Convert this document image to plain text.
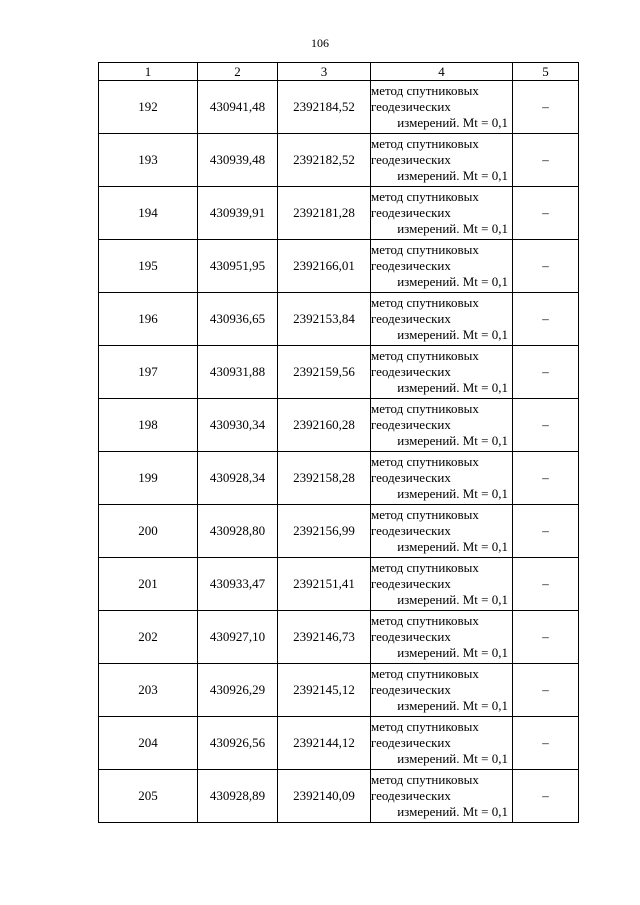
106
1	2	3	4	5
192	430941,48	2392184,52	метод спутниковых
геодезических
измерений. Mt = 0,1	–
193	430939,48	2392182,52	метод спутниковых
геодезических
измерений. Mt = 0,1	–
194	430939,91	2392181,28	метод спутниковых
геодезических
измерений. Mt = 0,1	–
195	430951,95	2392166,01	метод спутниковых
геодезических
измерений. Mt = 0,1	–
196	430936,65	2392153,84	метод спутниковых
геодезических
измерений. Mt = 0,1	–
197	430931,88	2392159,56	метод спутниковых
геодезических
измерений. Mt = 0,1	–
198	430930,34	2392160,28	метод спутниковых
геодезических
измерений. Mt = 0,1	–
199	430928,34	2392158,28	метод спутниковых
геодезических
измерений. Mt = 0,1	–
200	430928,80	2392156,99	метод спутниковых
геодезических
измерений. Mt = 0,1	–
201	430933,47	2392151,41	метод спутниковых
геодезических
измерений. Mt = 0,1	–
202	430927,10	2392146,73	метод спутниковых
геодезических
измерений. Mt = 0,1	–
203	430926,29	2392145,12	метод спутниковых
геодезических
измерений. Mt = 0,1	–
204	430926,56	2392144,12	метод спутниковых
геодезических
измерений. Mt = 0,1	–
205	430928,89	2392140,09	метод спутниковых
геодезических
измерений. Mt = 0,1	–
